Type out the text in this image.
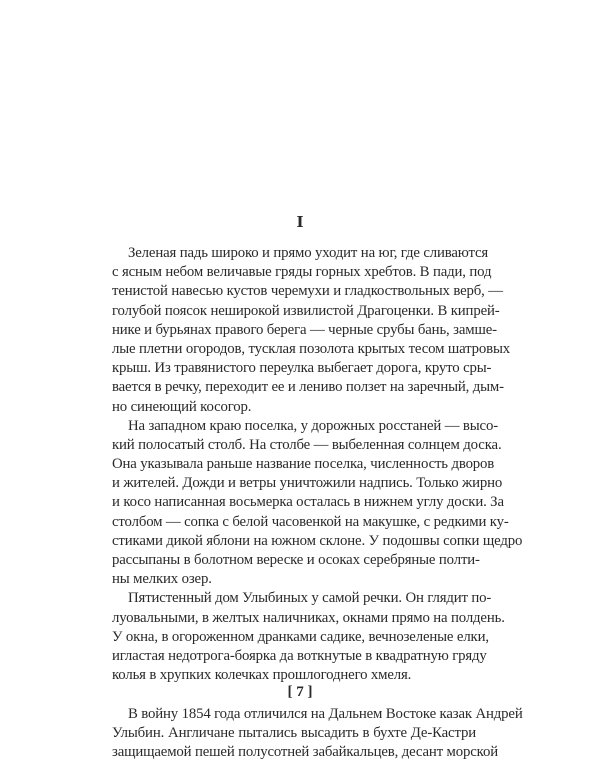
I
Зеленая падь широко и прямо уходит на юг, где сливаются
с ясным небом величавые гряды горных хребтов. В пади, под
тенистой навесью кустов черемухи и гладкоствольных верб, —
голубой поясок неширокой извилистой Драгоценки. В кипрей-
нике и бурьянах правого берега — черные срубы бань, замше-
лые плетни огородов, тусклая позолота крытых тесом шатровых
крыш. Из травянистого переулка выбегает дорога, круто сры-
вается в речку, переходит ее и лениво ползет на заречный, дым-
но синеющий косогор.
На западном краю поселка, у дорожных росстаней — высо-
кий полосатый столб. На столбе — выбеленная солнцем доска.
Она указывала раньше название поселка, численность дворов
и жителей. Дожди и ветры уничтожили надпись. Только жирно
и косо написанная восьмерка осталась в нижнем углу доски. За
столбом — сопка с белой часовенкой на макушке, с редкими ку-
стиками дикой яблони на южном склоне. У подошвы сопки щедро
рассыпаны в болотном вереске и осоках серебряные полти-
ны мелких озер.
Пятистенный дом Улыбиных у самой речки. Он глядит по-
луовальными, в желтых наличниках, окнами прямо на полдень.
У окна, в огороженном дранками садике, вечнозеленые елки,
игластая недотрога-боярка да воткнутые в квадратную гряду
колья в хрупких колечках прошлогоднего хмеля.
В войну 1854 года отличился на Дальнем Востоке казак Андрей
Улыбин. Англичане пытались высадить в бухте Де-Кастри
защищаемой пешей полусотней забайкальцев, десант морской
[ 7 ]
